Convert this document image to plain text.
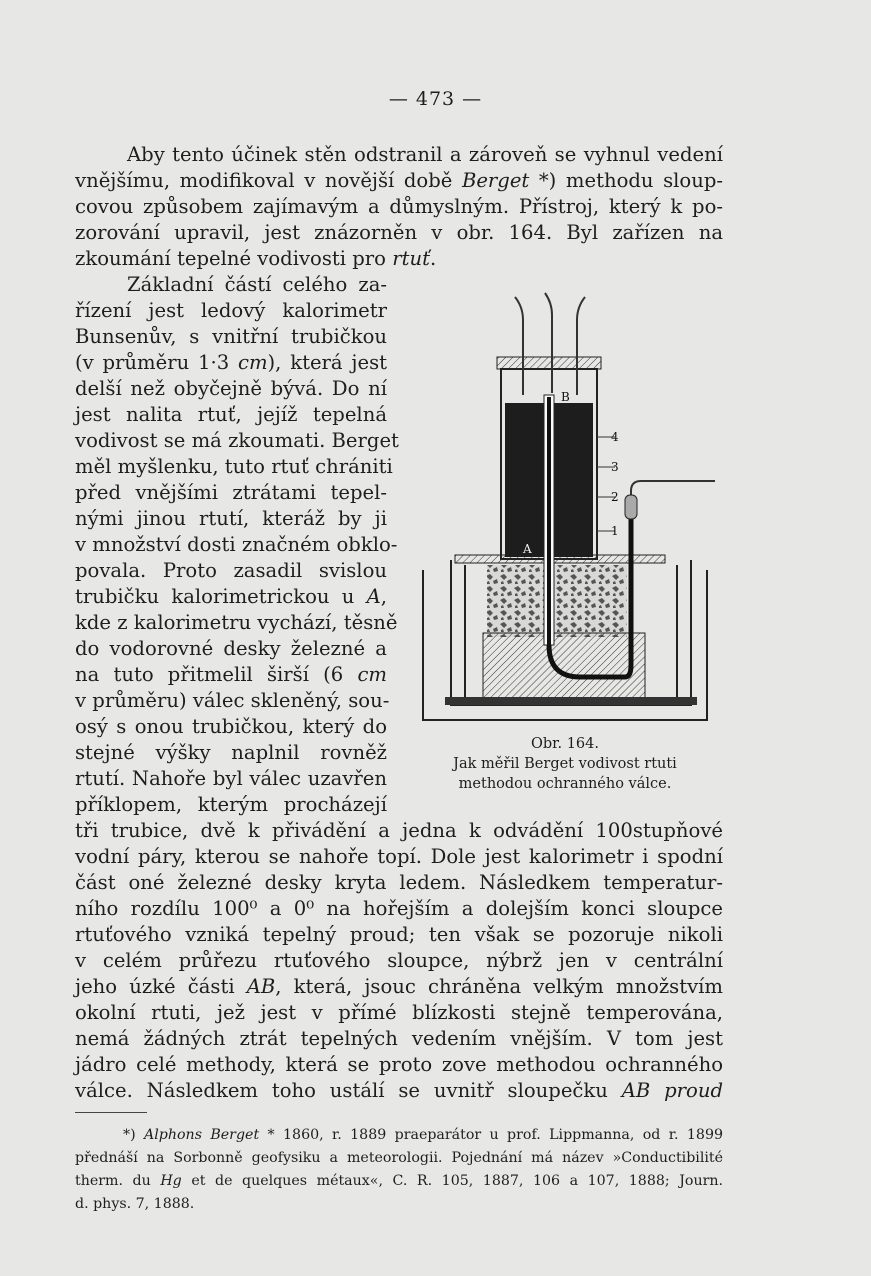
— 473 —
Aby tento účinek stěn odstranil a zároveň se vyhnul vedení
vnějšímu, modifikoval v novější době Berget *) methodu sloup-
covou způsobem zajímavým a důmyslným. Přístroj, který k po-
zorování upravil, jest znázorněn v obr. 164. Byl zařízen na
zkoumání tepelné vodivosti pro rtuť.
Základní částí celého za-
řízení jest ledový kalorimetr
Bunsenův, s vnitřní trubičkou
(v průměru 1·3 cm), která jest
delší než obyčejně bývá. Do ní
jest nalita rtuť, jejíž tepelná
vodivost se má zkoumati. Berget
měl myšlenku, tuto rtuť chrániti
před vnějšími ztrátami tepel-
nými jinou rtutí, kteráž by ji
v množství dosti značném obklo-
povala. Proto zasadil svislou
trubičku kalorimetrickou u A,
kde z kalorimetru vychází, těsně
do vodorovné desky železné a
na tuto přitmelil širší (6 cm
v průměru) válec skleněný, sou-
osý s onou trubičkou, který do
stejné výšky naplnil rovněž
rtutí. Nahoře byl válec uzavřen
příklopem, kterým procházejí
B
A
4
3
2
1
Obr. 164.
Jak měřil Berget vodivost rtuti
methodou ochranného válce.
tři trubice, dvě k přivádění a jedna k odvádění 100stupňové
vodní páry, kterou se nahoře topí. Dole jest kalorimetr i spodní
část oné železné desky kryta ledem. Následkem temperatur-
ního rozdílu 100⁰ a 0⁰ na hořejším a dolejším konci sloupce
rtuťového vzniká tepelný proud; ten však se pozoruje nikoli
v celém průřezu rtuťového sloupce, nýbrž jen v centrální
jeho úzké části AB, která, jsouc chráněna velkým množstvím
okolní rtuti, jež jest v přímé blízkosti stejně temperována,
nemá žádných ztrát tepelných vedením vnějším. V tom jest
jádro celé methody, která se proto zove methodou ochranného
válce. Následkem toho ustálí se uvnitř sloupečku AB proud
*) Alphons Berget * 1860, r. 1889 praeparátor u prof. Lippmanna, od r. 1899
přednáší na Sorbonně geofysiku a meteorologii. Pojednání má název »Conductibilité
therm. du Hg et de quelques métaux«, C. R. 105, 1887, 106 a 107, 1888; Journ.
d. phys. 7, 1888.
